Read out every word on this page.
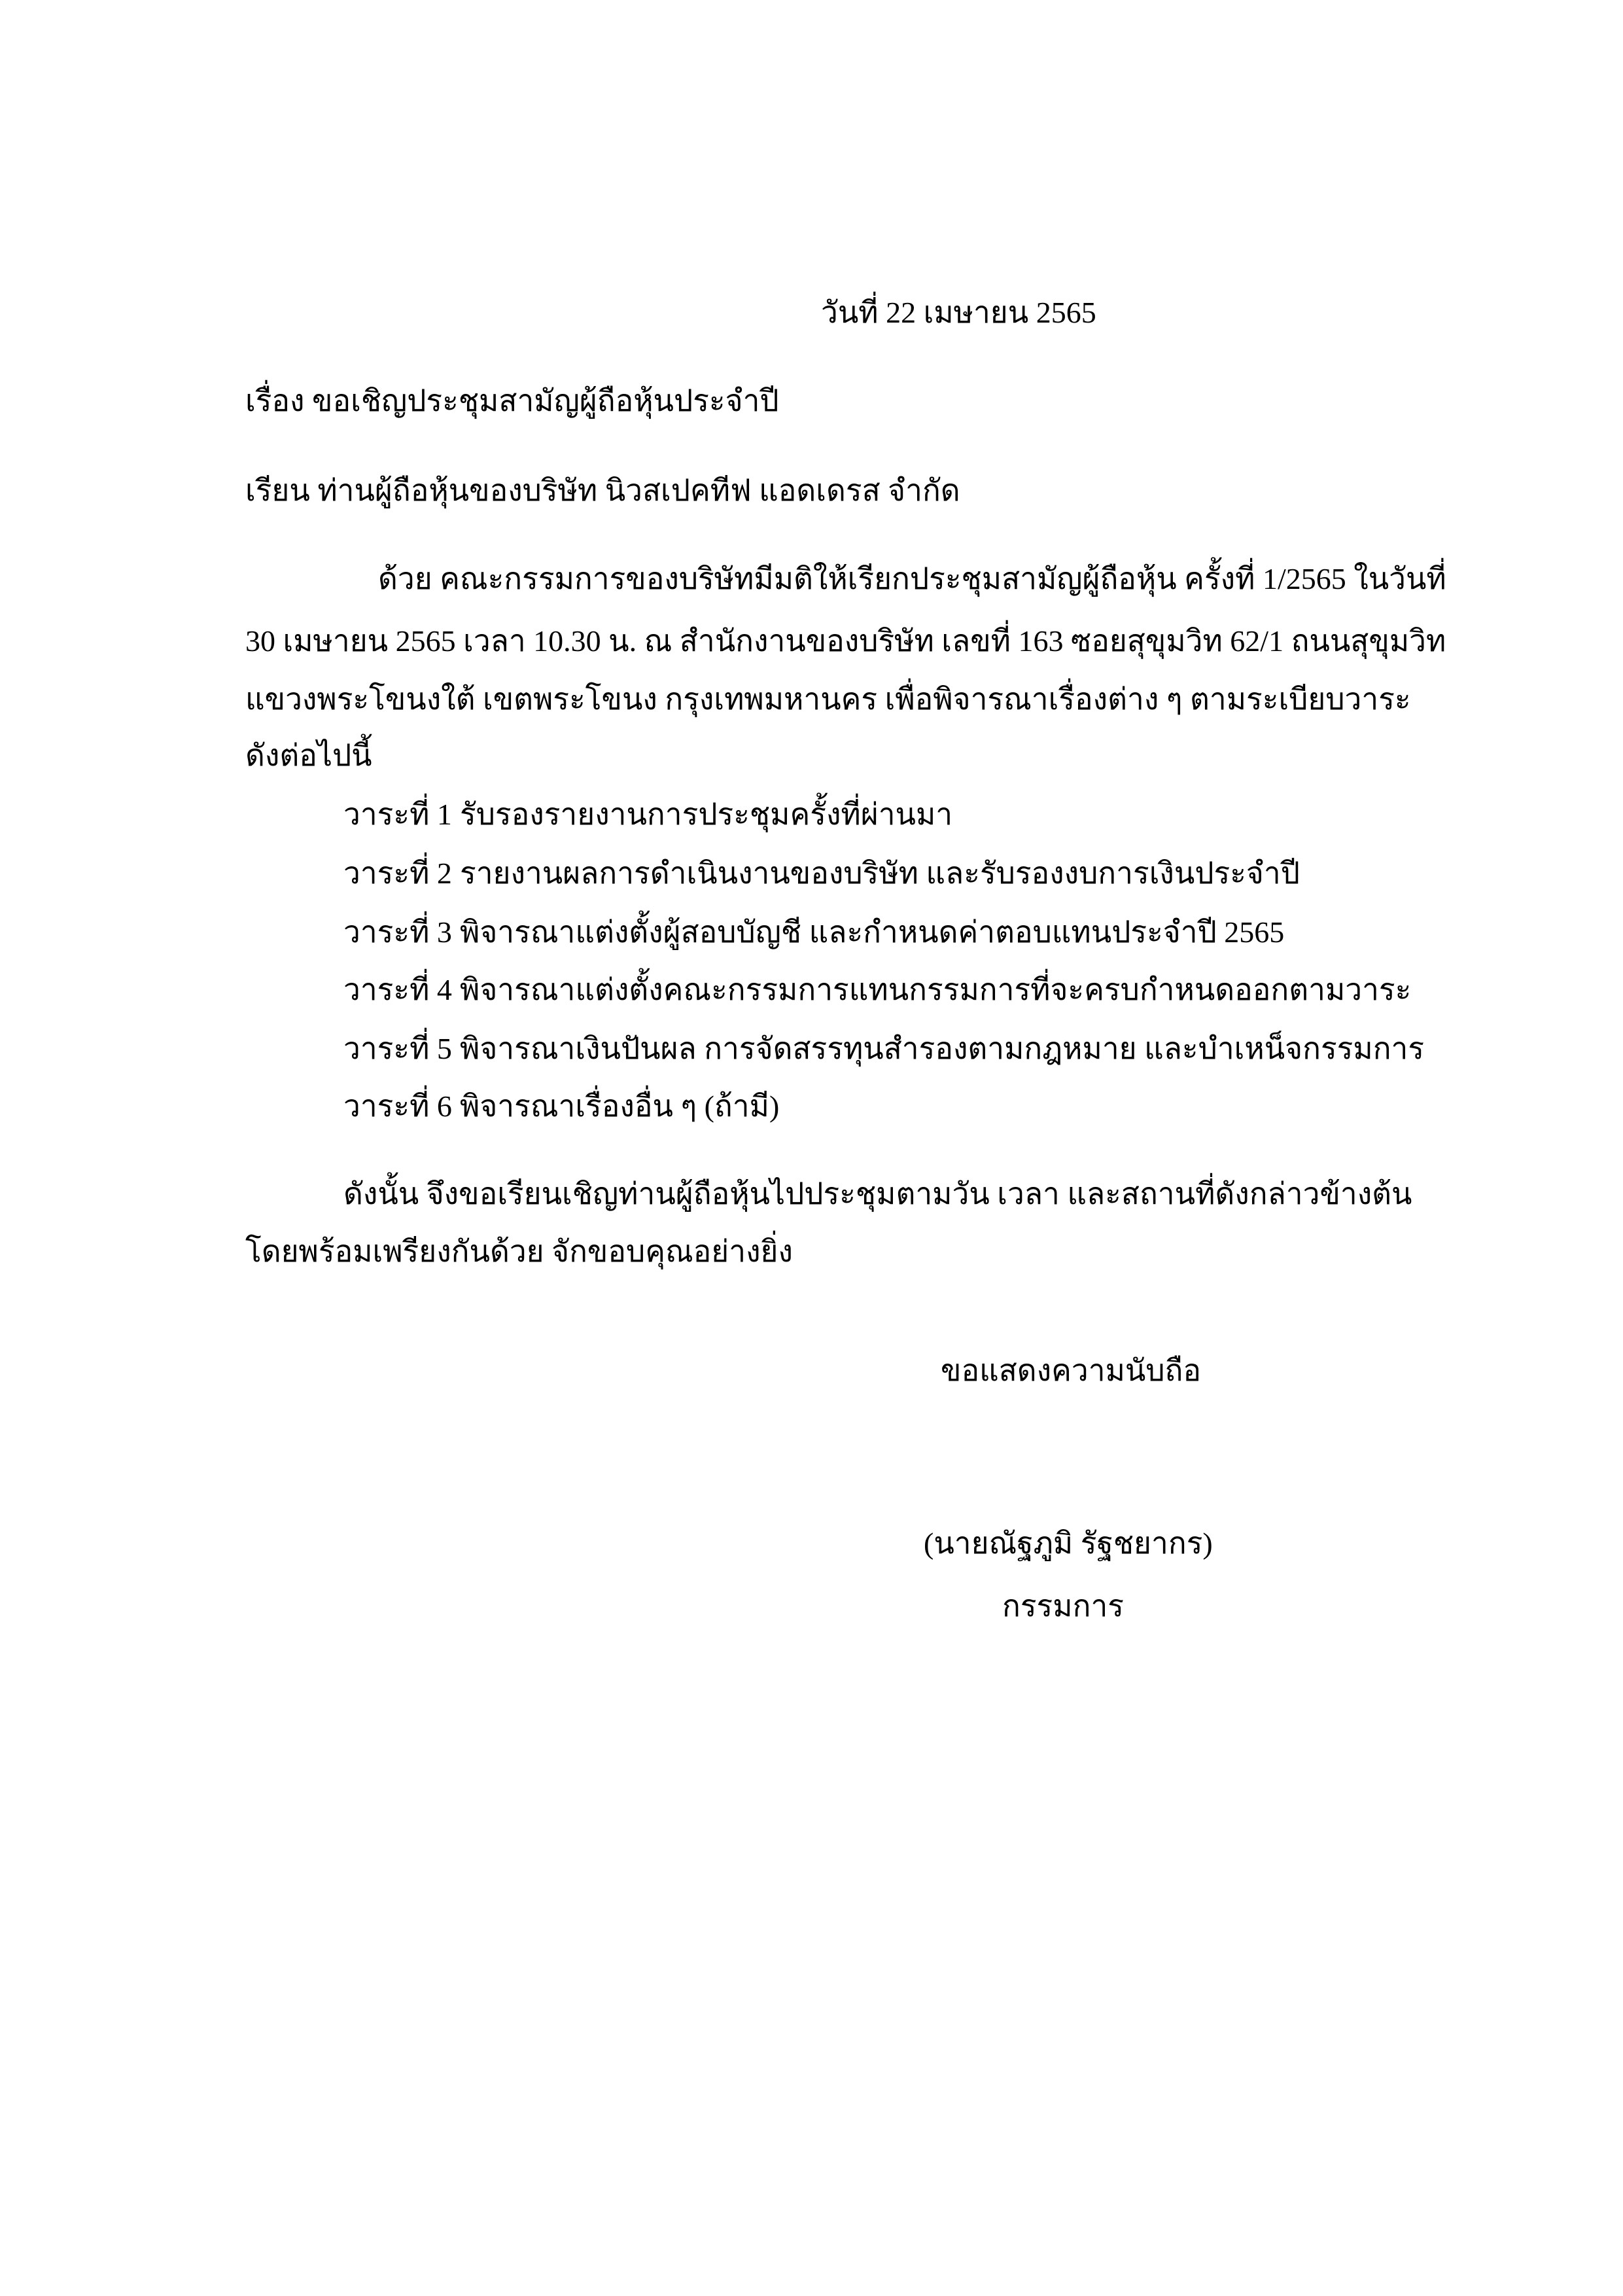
วันที่ 22 เมษายน 2565
เรื่อง ขอเชิญประชุมสามัญผู้ถือหุ้นประจำปี
เรียน ท่านผู้ถือหุ้นของบริษัท นิวสเปคทีฟ แอดเดรส จำกัด
ด้วย คณะกรรมการของบริษัทมีมติให้เรียกประชุมสามัญผู้ถือหุ้น ครั้งที่ 1/2565 ในวันที่
30 เมษายน 2565 เวลา 10.30 น. ณ สำนักงานของบริษัท เลขที่ 163 ซอยสุขุมวิท 62/1 ถนนสุขุมวิท
แขวงพระโขนงใต้ เขตพระโขนง กรุงเทพมหานคร เพื่อพิจารณาเรื่องต่าง ๆ ตามระเบียบวาระ
ดังต่อไปนี้
วาระที่ 1 รับรองรายงานการประชุมครั้งที่ผ่านมา
วาระที่ 2 รายงานผลการดำเนินงานของบริษัท และรับรองงบการเงินประจำปี
วาระที่ 3 พิจารณาแต่งตั้งผู้สอบบัญชี และกำหนดค่าตอบแทนประจำปี 2565
วาระที่ 4 พิจารณาแต่งตั้งคณะกรรมการแทนกรรมการที่จะครบกำหนดออกตามวาระ
วาระที่ 5 พิจารณาเงินปันผล การจัดสรรทุนสำรองตามกฎหมาย และบำเหน็จกรรมการ
วาระที่ 6 พิจารณาเรื่องอื่น ๆ (ถ้ามี)
ดังนั้น จึงขอเรียนเชิญท่านผู้ถือหุ้นไปประชุมตามวัน เวลา และสถานที่ดังกล่าวข้างต้น
โดยพร้อมเพรียงกันด้วย จักขอบคุณอย่างยิ่ง
ขอแสดงความนับถือ
(นายณัฐภูมิ รัฐชยากร)
กรรมการ
